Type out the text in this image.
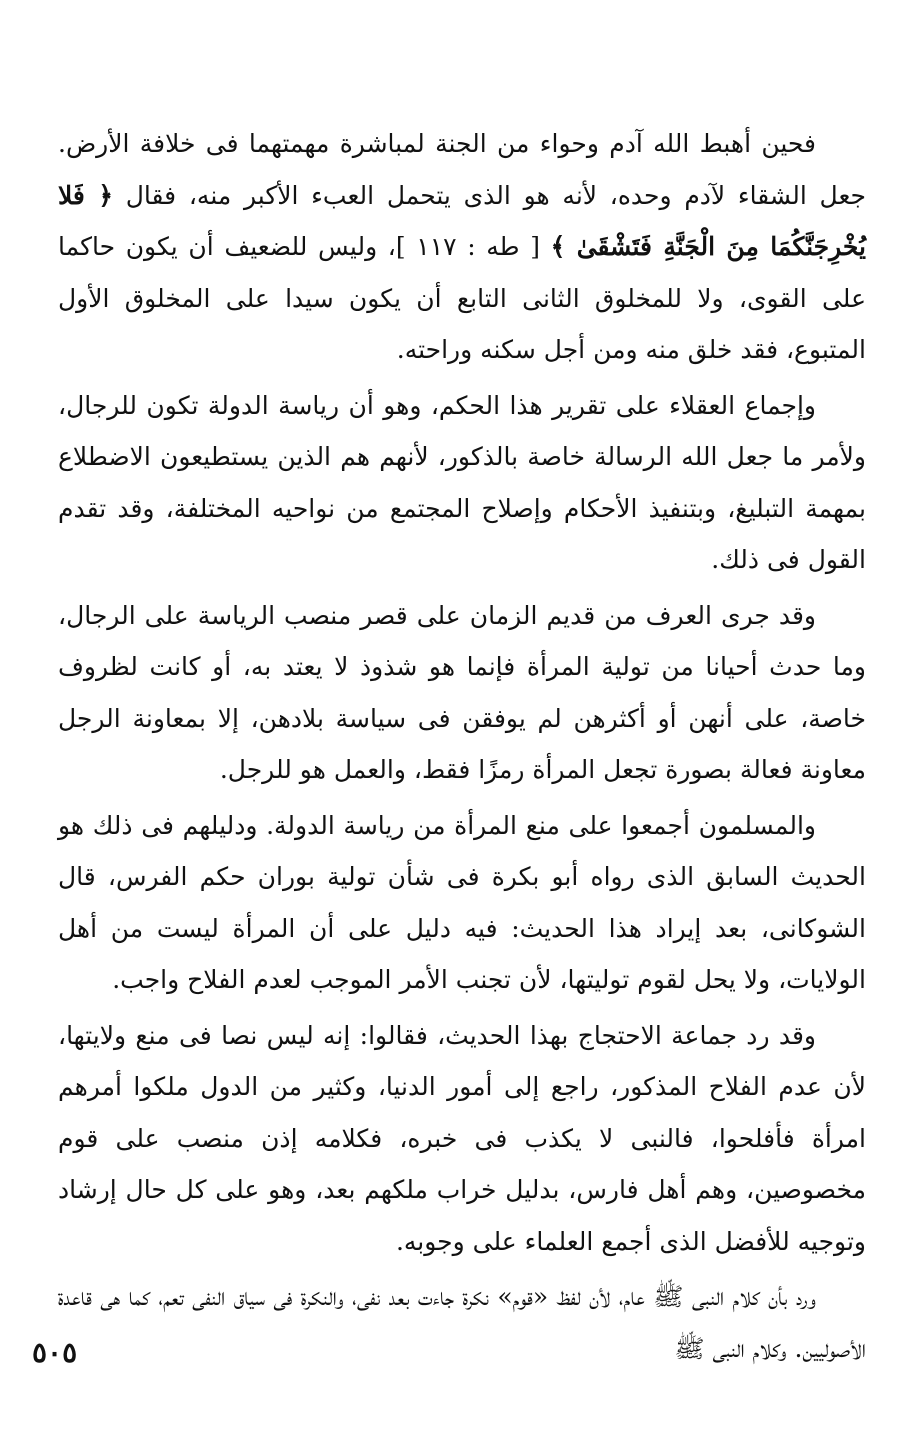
فحين أهبط الله آدم وحواء من الجنة لمباشرة مهمتهما فى خلافة الأرض. جعل الشقاء لآدم وحده، لأنه هو الذى يتحمل العبء الأكبر منه، فقال ﴿ فَلا يُخْرِجَنَّكُمَا مِنَ الْجَنَّةِ فَتَشْقَىٰ ﴾ [ طه : ١١٧ ]، وليس للضعيف أن يكون حاكما على القوى، ولا للمخلوق الثانى التابع أن يكون سيدا على المخلوق الأول المتبوع، فقد خلق منه ومن أجل سكنه وراحته.

وإجماع العقلاء على تقرير هذا الحكم، وهو أن رياسة الدولة تكون للرجال، ولأمر ما جعل الله الرسالة خاصة بالذكور، لأنهم هم الذين يستطيعون الاضطلاع بمهمة التبليغ، وبتنفيذ الأحكام وإصلاح المجتمع من نواحيه المختلفة، وقد تقدم القول فى ذلك.

وقد جرى العرف من قديم الزمان على قصر منصب الرياسة على الرجال، وما حدث أحيانا من تولية المرأة فإنما هو شذوذ لا يعتد به، أو كانت لظروف خاصة، على أنهن أو أكثرهن لم يوفقن فى سياسة بلادهن، إلا بمعاونة الرجل معاونة فعالة بصورة تجعل المرأة رمزًا فقط، والعمل هو للرجل.

والمسلمون أجمعوا على منع المرأة من رياسة الدولة. ودليلهم فى ذلك هو الحديث السابق الذى رواه أبو بكرة فى شأن تولية بوران حكم الفرس، قال الشوكانى، بعد إيراد هذا الحديث: فيه دليل على أن المرأة ليست من أهل الولايات، ولا يحل لقوم توليتها، لأن تجنب الأمر الموجب لعدم الفلاح واجب.

وقد رد جماعة الاحتجاج بهذا الحديث، فقالوا: إنه ليس نصا فى منع ولايتها، لأن عدم الفلاح المذكور، راجع إلى أمور الدنيا، وكثير من الدول ملكوا أمرهم امرأة فأفلحوا، فالنبى لا يكذب فى خبره، فكلامه إذن منصب على قوم مخصوصين، وهم أهل فارس، بدليل خراب ملكهم بعد، وهو على كل حال إرشاد وتوجيه للأفضل الذى أجمع العلماء على وجوبه.

ورد بأن كلام النبى ﷺ عام، لأن لفظ «قوم» نكرة جاءت بعد نفى، والنكرة فى سياق النفى تعم، كما هى قاعدة الأصوليين. وكلام النبى ﷺ

٥٠٥
